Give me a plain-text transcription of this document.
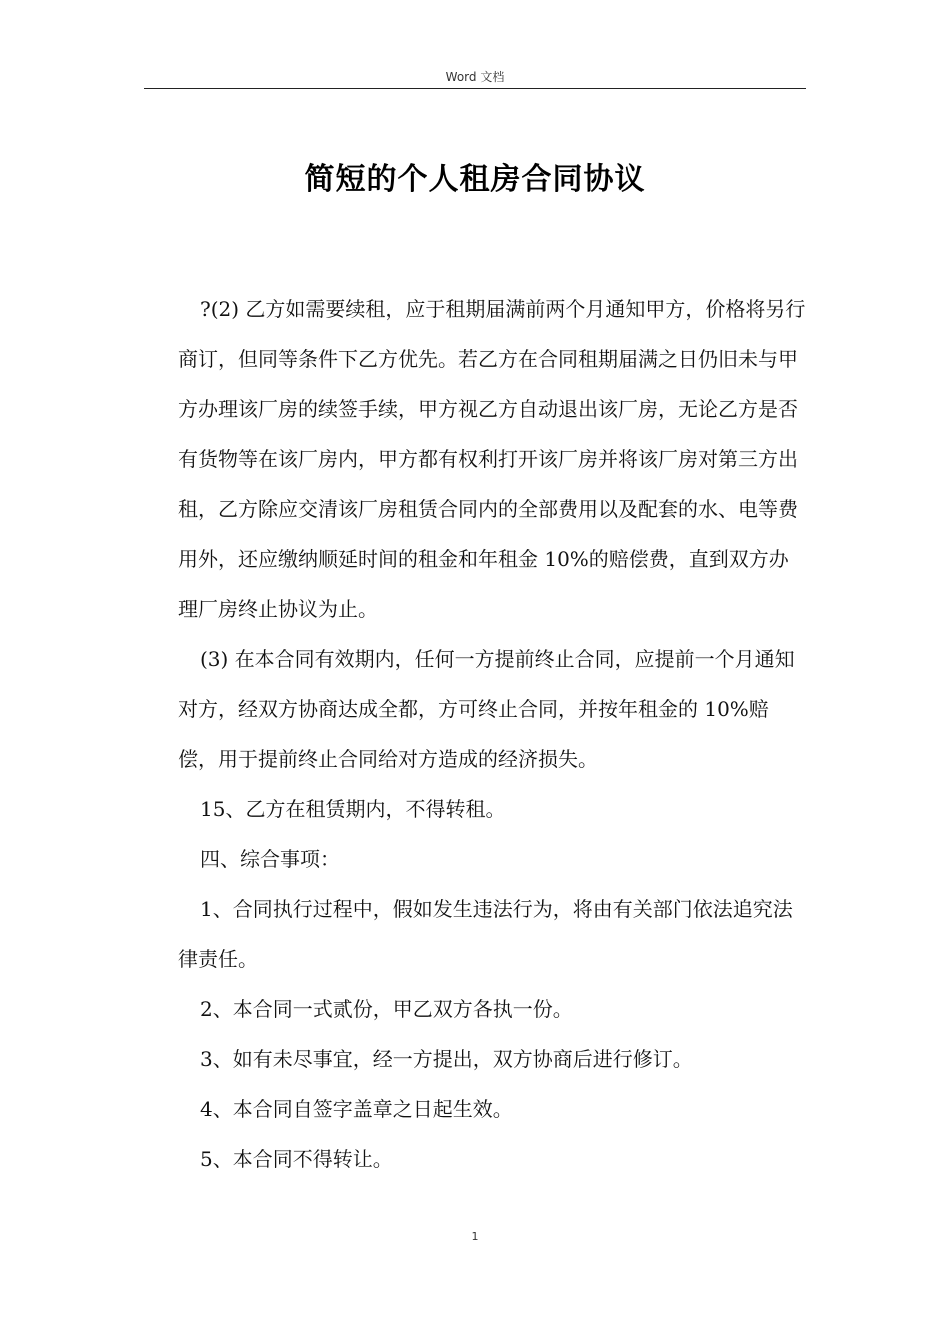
Word 文档
简短的个人租房合同协议

?(2) 乙方如需要续租，应于租期届满前两个月通知甲方，价格将另行商订，但同等条件下乙方优先。若乙方在合同租期届满之日仍旧未与甲方办理该厂房的续签手续，甲方视乙方自动退出该厂房，无论乙方是否有货物等在该厂房内，甲方都有权利打开该厂房并将该厂房对第三方出租，乙方除应交清该厂房租赁合同内的全部费用以及配套的水、电等费用外，还应缴纳顺延时间的租金和年租金 10%的赔偿费，直到双方办理厂房终止协议为止。

(3) 在本合同有效期内，任何一方提前终止合同，应提前一个月通知对方，经双方协商达成全都，方可终止合同，并按年租金的 10%赔偿，用于提前终止合同给对方造成的经济损失。

15、乙方在租赁期内，不得转租。

四、综合事项：

1、合同执行过程中，假如发生违法行为，将由有关部门依法追究法律责任。

2、本合同一式贰份，甲乙双方各执一份。

3、如有未尽事宜，经一方提出，双方协商后进行修订。

4、本合同自签字盖章之日起生效。

5、本合同不得转让。

1
